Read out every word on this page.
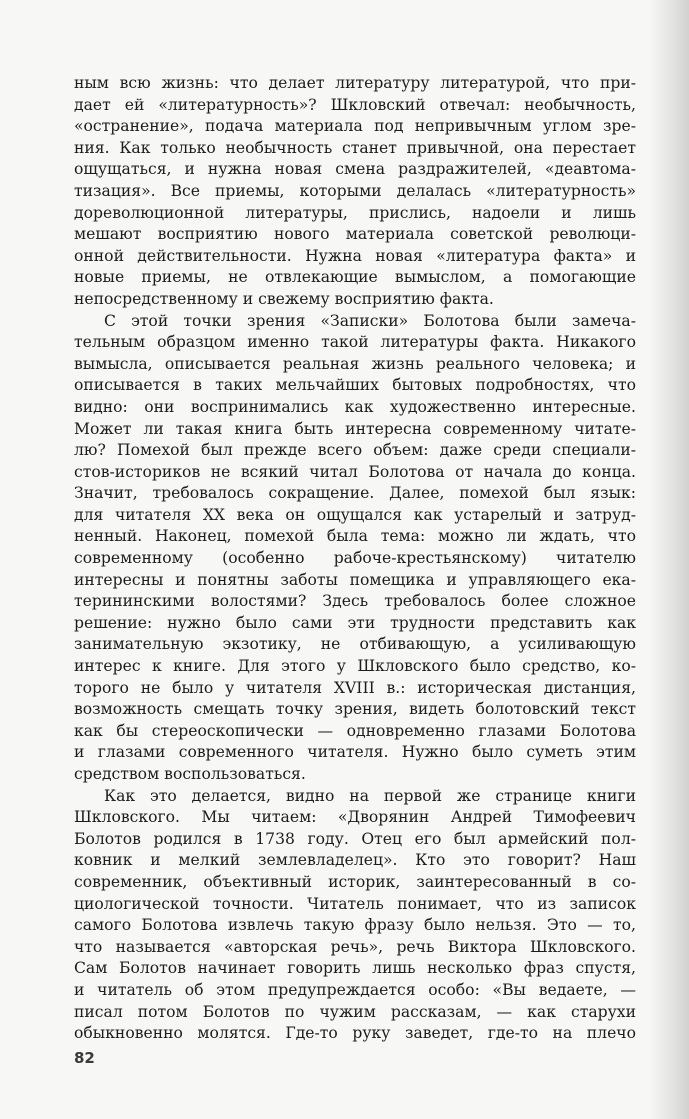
ным всю жизнь: что делает литературу литературой, что при-
дает ей «литературность»? Шкловский отвечал: необычность,
«остранение», подача материала под непривычным углом зре-
ния. Как только необычность станет привычной, она перестает
ощущаться, и нужна новая смена раздражителей, «деавтома-
тизация». Все приемы, которыми делалась «литературность»
дореволюционной литературы, прислись, надоели и лишь
мешают восприятию нового материала советской революци-
онной действительности. Нужна новая «литература факта» и
новые приемы, не отвлекающие вымыслом, а помогающие
непосредственному и свежему восприятию факта.
С этой точки зрения «Записки» Болотова были замеча-
тельным образцом именно такой литературы факта. Никакого
вымысла, описывается реальная жизнь реального человека; и
описывается в таких мельчайших бытовых подробностях, что
видно: они воспринимались как художественно интересные.
Может ли такая книга быть интересна современному читате-
лю? Помехой был прежде всего объем: даже среди специали-
стов-историков не всякий читал Болотова от начала до конца.
Значит, требовалось сокращение. Далее, помехой был язык:
для читателя XX века он ощущался как устарелый и затруд-
ненный. Наконец, помехой была тема: можно ли ждать, что
современному (особенно рабоче-крестьянскому) читателю
интересны и понятны заботы помещика и управляющего ека-
терининскими волостями? Здесь требовалось более сложное
решение: нужно было сами эти трудности представить как
занимательную экзотику, не отбивающую, а усиливающую
интерес к книге. Для этого у Шкловского было средство, ко-
торого не было у читателя XVIII в.: историческая дистанция,
возможность смещать точку зрения, видеть болотовский текст
как бы стереоскопически — одновременно глазами Болотова
и глазами современного читателя. Нужно было суметь этим
средством воспользоваться.
Как это делается, видно на первой же странице книги
Шкловского. Мы читаем: «Дворянин Андрей Тимофеевич
Болотов родился в 1738 году. Отец его был армейский пол-
ковник и мелкий землевладелец». Кто это говорит? Наш
современник, объективный историк, заинтересованный в со-
циологической точности. Читатель понимает, что из записок
самого Болотова извлечь такую фразу было нельзя. Это — то,
что называется «авторская речь», речь Виктора Шкловского.
Сам Болотов начинает говорить лишь несколько фраз спустя,
и читатель об этом предупреждается особо: «Вы ведаете, —
писал потом Болотов по чужим рассказам, — как старухи
обыкновенно молятся. Где-то руку заведет, где-то на плечо
82
